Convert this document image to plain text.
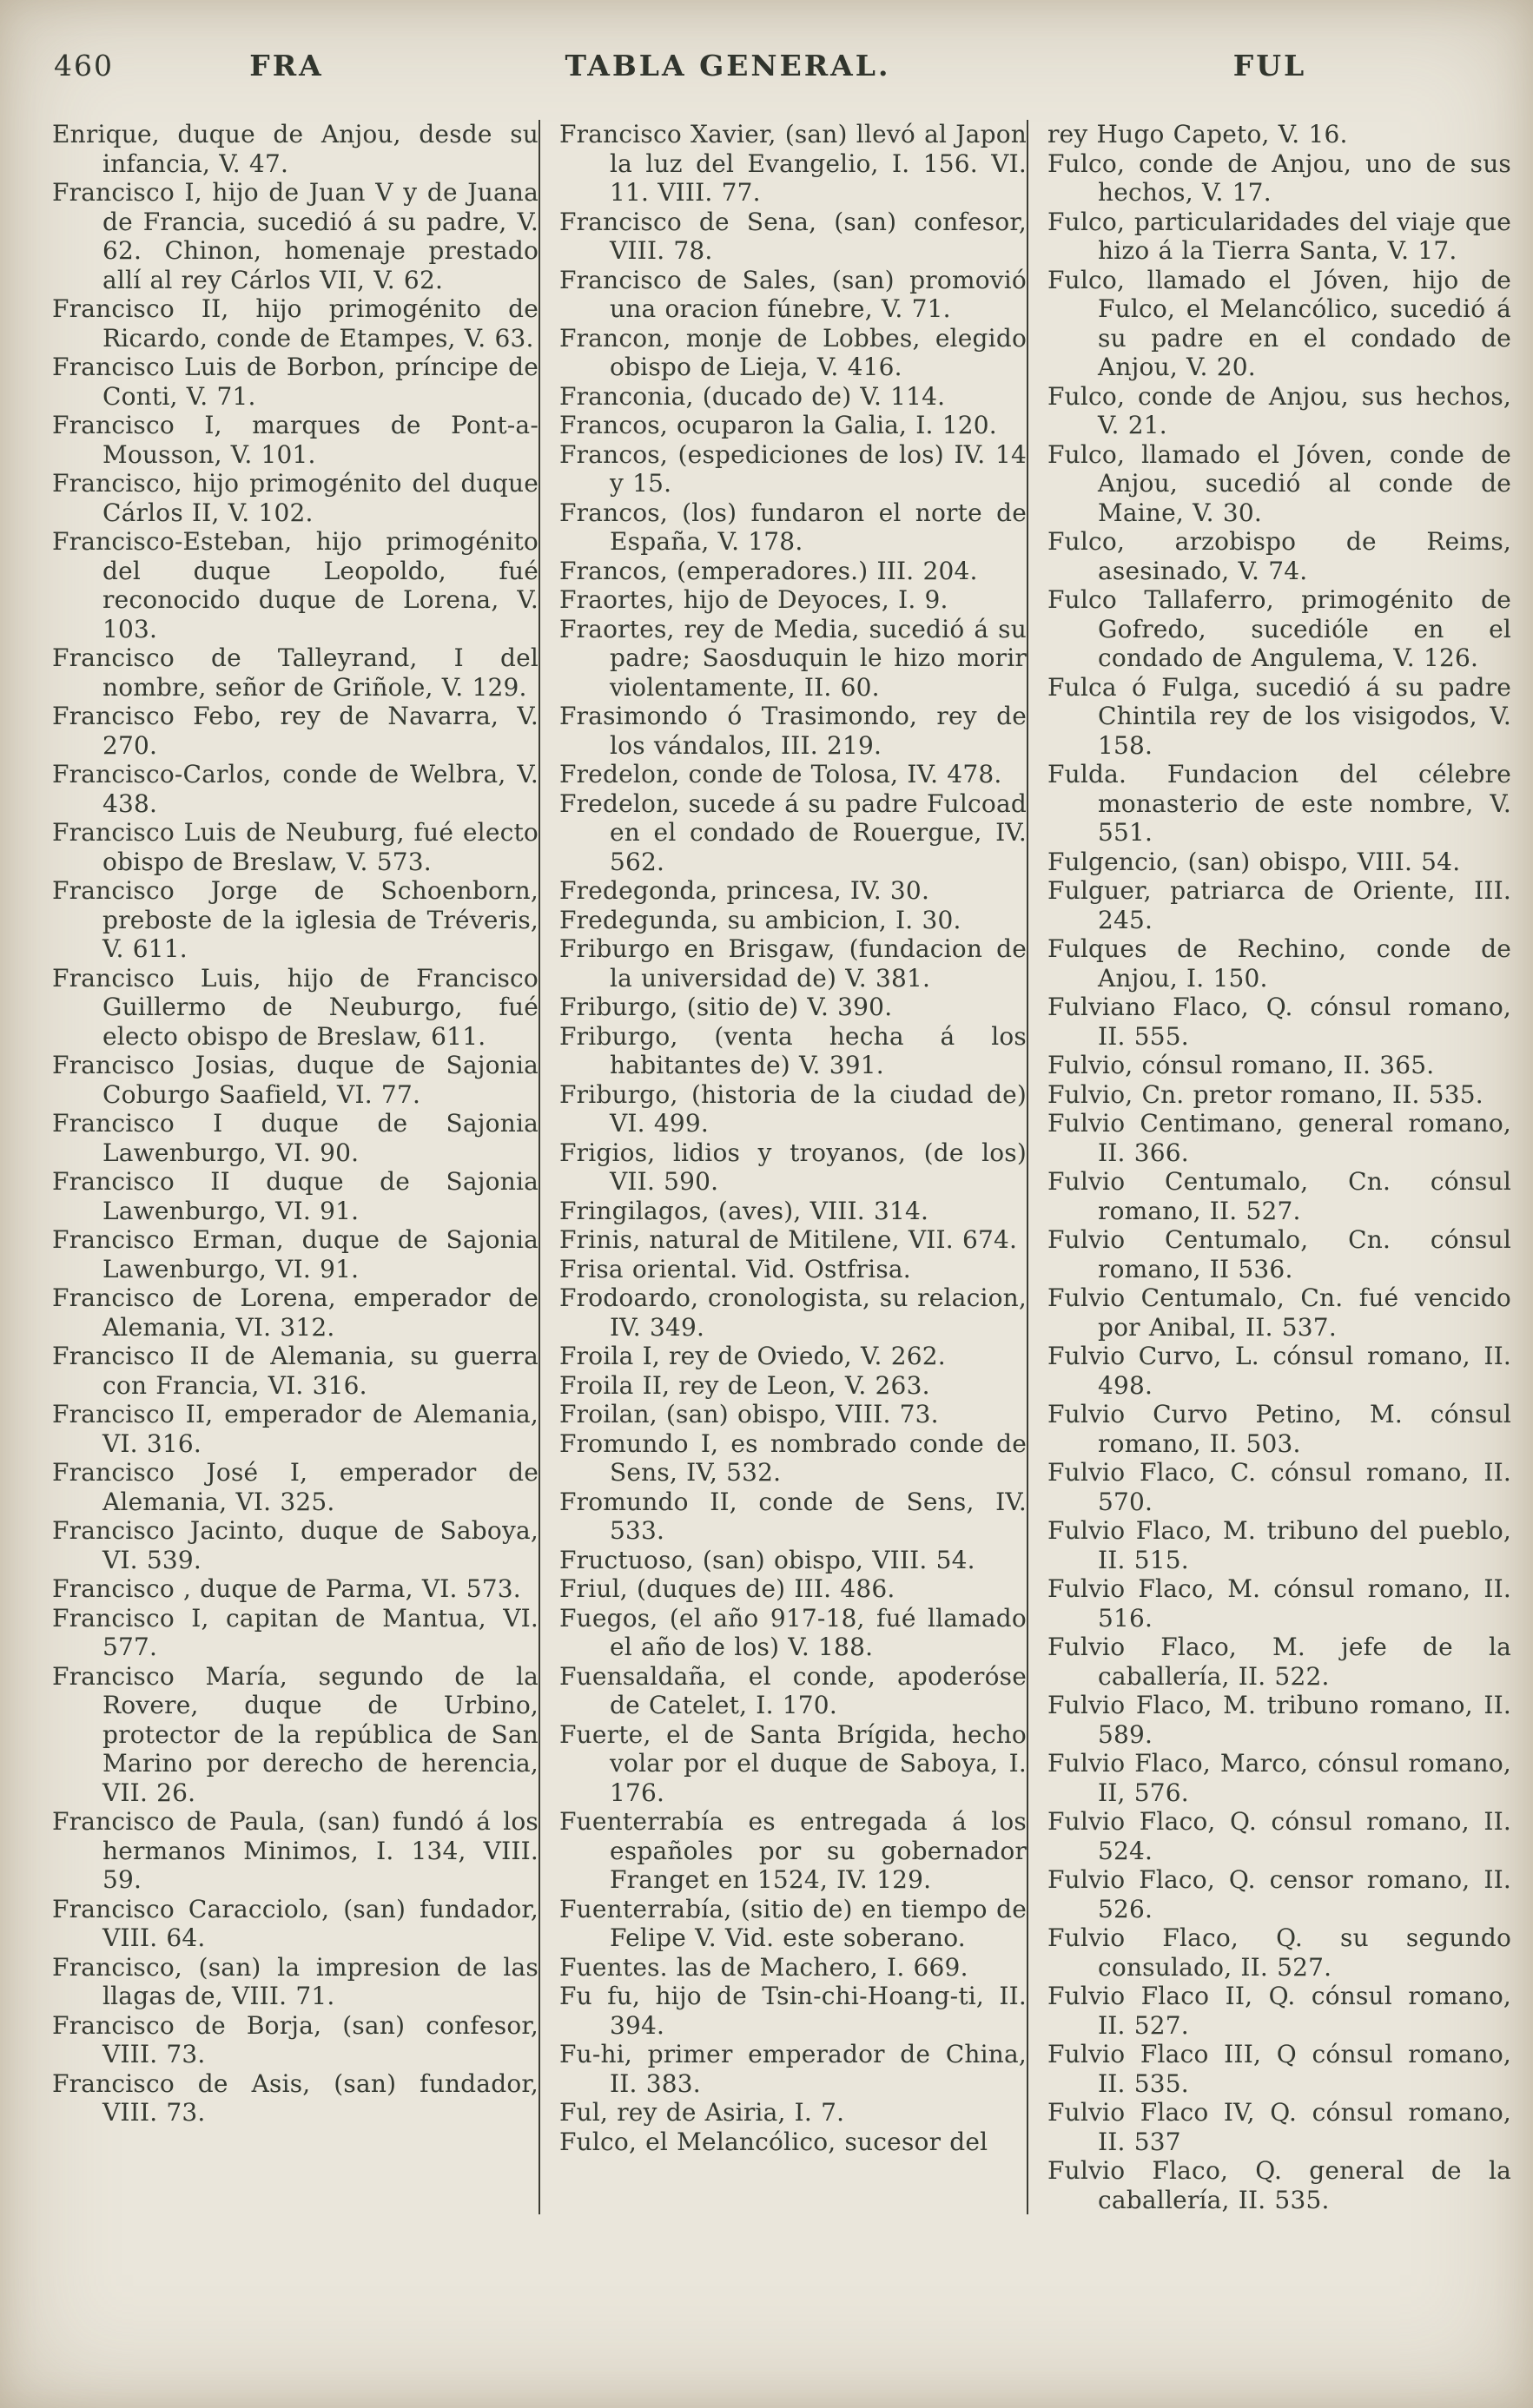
460	FRA	TABLA GENERAL.	FUL

Enrique, duque de Anjou, desde su infancia, V. 47.

Francisco I, hijo de Juan V y de Juana de Francia, sucedió á su padre, V. 62. Chinon, homenaje prestado allí al rey Cárlos VII, V. 62.

Francisco II, hijo primogénito de Ricardo, conde de Etampes, V. 63.

Francisco Luis de Borbon, príncipe de Conti, V. 71.

Francisco I, marques de Pont-a-Mousson, V. 101.

Francisco, hijo primogénito del duque Cárlos II, V. 102.

Francisco-Esteban, hijo primogénito del duque Leopoldo, fué reconocido duque de Lorena, V. 103.

Francisco de Talleyrand, I del nombre, señor de Griñole, V. 129.

Francisco Febo, rey de Navarra, V. 270.

Francisco-Carlos, conde de Welbra, V. 438.

Francisco Luis de Neuburg, fué electo obispo de Breslaw, V. 573.

Francisco Jorge de Schoenborn, preboste de la iglesia de Tréveris, V. 611.

Francisco Luis, hijo de Francisco Guillermo de Neuburgo, fué electo obispo de Breslaw, 611.

Francisco Josias, duque de Sajonia Coburgo Saafield, VI. 77.

Francisco I duque de Sajonia Lawenburgo, VI. 90.

Francisco II duque de Sajonia Lawenburgo, VI. 91.

Francisco Erman, duque de Sajonia Lawenburgo, VI. 91.

Francisco de Lorena, emperador de Alemania, VI. 312.

Francisco II de Alemania, su guerra con Francia, VI. 316.

Francisco II, emperador de Alemania, VI. 316.

Francisco José I, emperador de Alemania, VI. 325.

Francisco Jacinto, duque de Saboya, VI. 539.

Francisco , duque de Parma, VI. 573.

Francisco I, capitan de Mantua, VI. 577.

Francisco María, segundo de la Rovere, duque de Urbino, protector de la república de San Marino por derecho de herencia, VII. 26.

Francisco de Paula, (san) fundó á los hermanos Minimos, I. 134, VIII. 59.

Francisco Caracciolo, (san) fundador, VIII. 64.

Francisco, (san) la impresion de las llagas de, VIII. 71.

Francisco de Borja, (san) confesor, VIII. 73.

Francisco de Asis, (san) fundador, VIII. 73.

Francisco Xavier, (san) llevó al Japon la luz del Evangelio, I. 156. VI. 11. VIII. 77.

Francisco de Sena, (san) confesor, VIII. 78.

Francisco de Sales, (san) promovió una oracion fúnebre, V. 71.

Francon, monje de Lobbes, elegido obispo de Lieja, V. 416.

Franconia, (ducado de) V. 114.

Francos, ocuparon la Galia, I. 120.

Francos, (espediciones de los) IV. 14 y 15.

Francos, (los) fundaron el norte de España, V. 178.

Francos, (emperadores.) III. 204.

Fraortes, hijo de Deyoces, I. 9.

Fraortes, rey de Media, sucedió á su padre; Saosduquin le hizo morir violentamente, II. 60.

Frasimondo ó Trasimondo, rey de los vándalos, III. 219.

Fredelon, conde de Tolosa, IV. 478.

Fredelon, sucede á su padre Fulcoad en el condado de Rouergue, IV. 562.

Fredegonda, princesa, IV. 30.

Fredegunda, su ambicion, I. 30.

Friburgo en Brisgaw, (fundacion de la universidad de) V. 381.

Friburgo, (sitio de) V. 390.

Friburgo, (venta hecha á los habitantes de) V. 391.

Friburgo, (historia de la ciudad de) VI. 499.

Frigios, lidios y troyanos, (de los) VII. 590.

Fringilagos, (aves), VIII. 314.

Frinis, natural de Mitilene, VII. 674.

Frisa oriental. Vid. Ostfrisa.

Frodoardo, cronologista, su relacion, IV. 349.

Froila I, rey de Oviedo, V. 262.

Froila II, rey de Leon, V. 263.

Froilan, (san) obispo, VIII. 73.

Fromundo I, es nombrado conde de Sens, IV, 532.

Fromundo II, conde de Sens, IV. 533.

Fructuoso, (san) obispo, VIII. 54.

Friul, (duques de) III. 486.

Fuegos, (el año 917-18, fué llamado el año de los) V. 188.

Fuensaldaña, el conde, apoderóse de Catelet, I. 170.

Fuerte, el de Santa Brígida, hecho volar por el duque de Saboya, I. 176.

Fuenterrabía es entregada á los españoles por su gobernador Franget en 1524, IV. 129.

Fuenterrabía, (sitio de) en tiempo de Felipe V. Vid. este soberano.

Fuentes. las de Machero, I. 669.

Fu fu, hijo de Tsin-chi-Hoang-ti, II. 394.

Fu-hi, primer emperador de China, II. 383.

Ful, rey de Asiria, I. 7.

Fulco, el Melancólico, sucesor del

rey Hugo Capeto, V. 16.

Fulco, conde de Anjou, uno de sus hechos, V. 17.

Fulco, particularidades del viaje que hizo á la Tierra Santa, V. 17.

Fulco, llamado el Jóven, hijo de Fulco, el Melancólico, sucedió á su padre en el condado de Anjou, V. 20.

Fulco, conde de Anjou, sus hechos, V. 21.

Fulco, llamado el Jóven, conde de Anjou, sucedió al conde de Maine, V. 30.

Fulco, arzobispo de Reims, asesinado, V. 74.

Fulco Tallaferro, primogénito de Gofredo, sucedióle en el condado de Angulema, V. 126.

Fulca ó Fulga, sucedió á su padre Chintila rey de los visigodos, V. 158.

Fulda. Fundacion del célebre monasterio de este nombre, V. 551.

Fulgencio, (san) obispo, VIII. 54.

Fulguer, patriarca de Oriente, III. 245.

Fulques de Rechino, conde de Anjou, I. 150.

Fulviano Flaco, Q. cónsul romano, II. 555.

Fulvio, cónsul romano, II. 365.

Fulvio, Cn. pretor romano, II. 535.

Fulvio Centimano, general romano, II. 366.

Fulvio Centumalo, Cn. cónsul romano, II. 527.

Fulvio Centumalo, Cn. cónsul romano, II 536.

Fulvio Centumalo, Cn. fué vencido por Anibal, II. 537.

Fulvio Curvo, L. cónsul romano, II. 498.

Fulvio Curvo Petino, M. cónsul romano, II. 503.

Fulvio Flaco, C. cónsul romano, II. 570.

Fulvio Flaco, M. tribuno del pueblo, II. 515.

Fulvio Flaco, M. cónsul romano, II. 516.

Fulvio Flaco, M. jefe de la caballería, II. 522.

Fulvio Flaco, M. tribuno romano, II. 589.

Fulvio Flaco, Marco, cónsul romano, II, 576.

Fulvio Flaco, Q. cónsul romano, II. 524.

Fulvio Flaco, Q. censor romano, II. 526.

Fulvio Flaco, Q. su segundo consulado, II. 527.

Fulvio Flaco II, Q. cónsul romano, II. 527.

Fulvio Flaco III, Q cónsul romano, II. 535.

Fulvio Flaco IV, Q. cónsul romano, II. 537

Fulvio Flaco, Q. general de la caballería, II. 535.
